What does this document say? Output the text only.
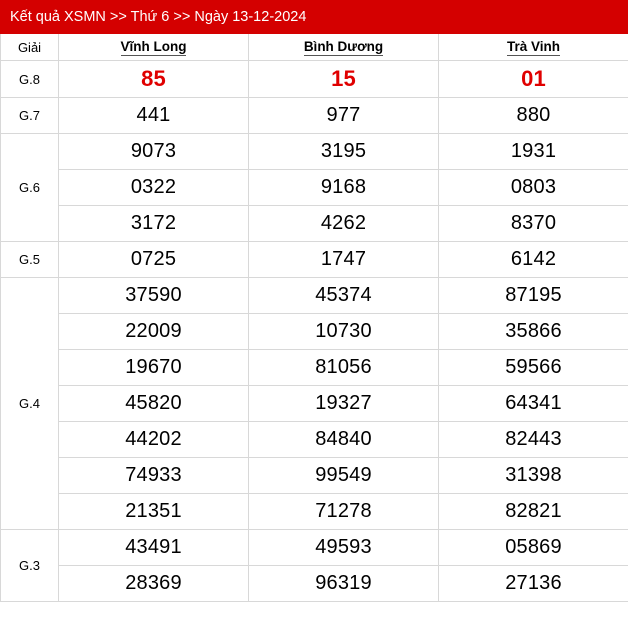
Kết quả XSMN >> Thứ 6 >> Ngày 13-12-2024
Giải	Vĩnh Long	Bình Dương	Trà Vinh
G.8	85	15	01
G.7	441	977	880
G.6	9073	3195	1931
	0322	9168	0803
	3172	4262	8370
G.5	0725	1747	6142
G.4	37590	45374	87195
	22009	10730	35866
	19670	81056	59566
	45820	19327	64341
	44202	84840	82443
	74933	99549	31398
	21351	71278	82821
G.3	43491	49593	05869
	28369	96319	27136
